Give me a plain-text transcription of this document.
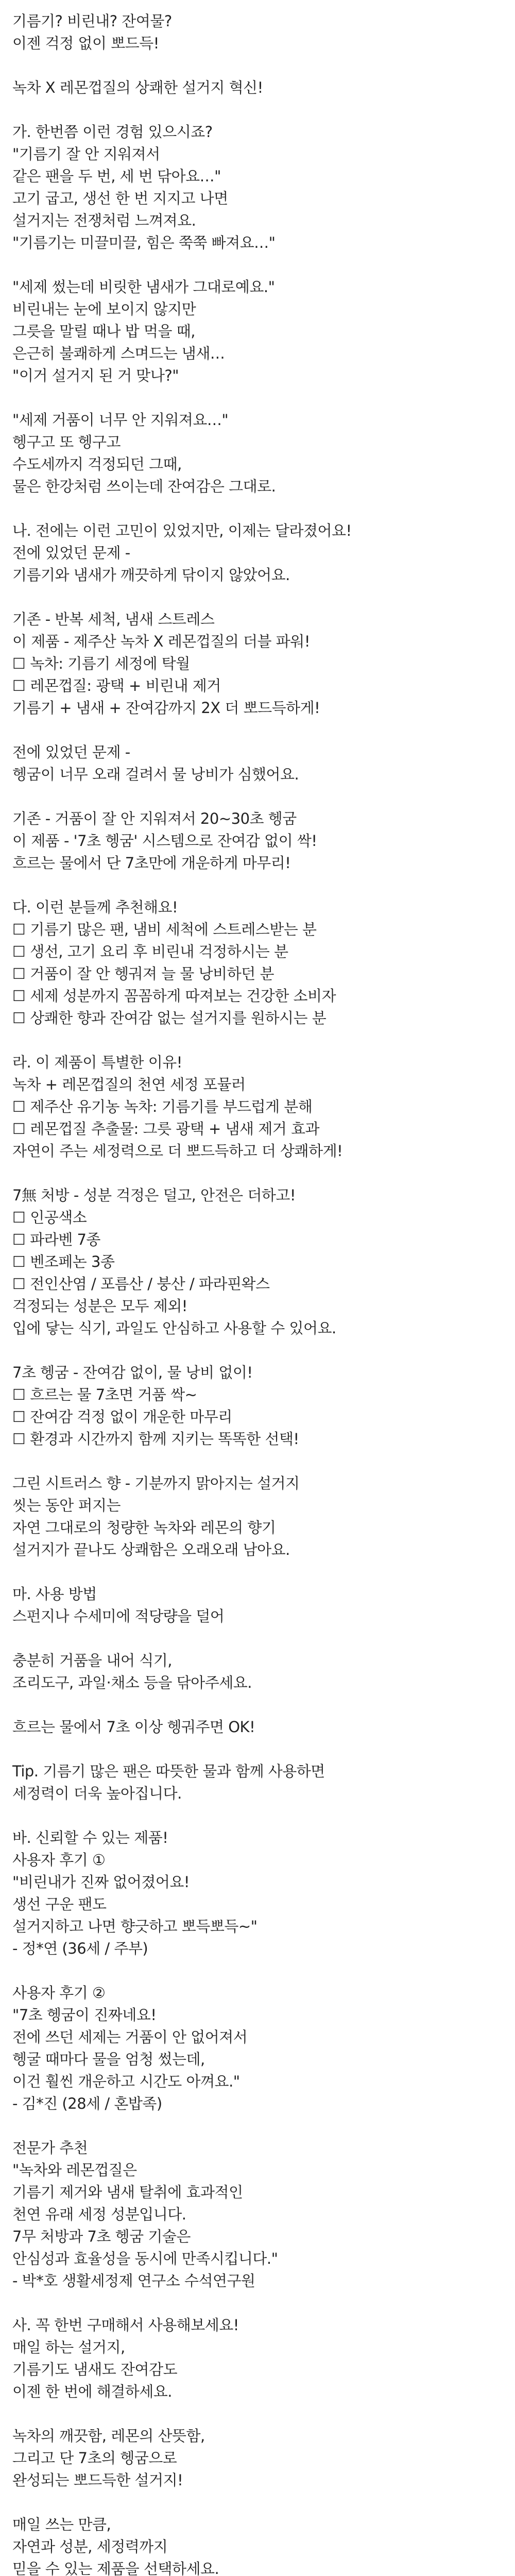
기름기? 비린내? 잔여물?
이젠 걱정 없이 뽀드득!
녹차 X 레몬껍질의 상쾌한 설거지 혁신!
가. 한번쯤 이런 경험 있으시죠?
"기름기 잘 안 지워져서
같은 팬을 두 번, 세 번 닦아요…"
고기 굽고, 생선 한 번 지지고 나면
설거지는 전쟁처럼 느껴져요.
"기름기는 미끌미끌, 힘은 쭉쭉 빠져요…"
"세제 썼는데 비릿한 냄새가 그대로예요."
비린내는 눈에 보이지 않지만
그릇을 말릴 때나 밥 먹을 때,
은근히 불쾌하게 스며드는 냄새…
"이거 설거지 된 거 맞나?"
"세제 거품이 너무 안 지워져요…"
헹구고 또 헹구고
수도세까지 걱정되던 그때,
물은 한강처럼 쓰이는데 잔여감은 그대로.
나. 전에는 이런 고민이 있었지만, 이제는 달라졌어요!
전에 있었던 문제 -
기름기와 냄새가 깨끗하게 닦이지 않았어요.
기존 - 반복 세척, 냄새 스트레스
이 제품 - 제주산 녹차 X 레몬껍질의 더블 파워!
☐ 녹차: 기름기 세정에 탁월
☐ 레몬껍질: 광택 + 비린내 제거
기름기 + 냄새 + 잔여감까지 2X 더 뽀드득하게!
전에 있었던 문제 -
헹굼이 너무 오래 걸려서 물 낭비가 심했어요.
기존 - 거품이 잘 안 지워져서 20~30초 헹굼
이 제품 - '7초 헹굼' 시스템으로 잔여감 없이 싹!
흐르는 물에서 단 7초만에 개운하게 마무리!
다. 이런 분들께 추천해요!
☐ 기름기 많은 팬, 냄비 세척에 스트레스받는 분
☐ 생선, 고기 요리 후 비린내 걱정하시는 분
☐ 거품이 잘 안 헹궈져 늘 물 낭비하던 분
☐ 세제 성분까지 꼼꼼하게 따져보는 건강한 소비자
☐ 상쾌한 향과 잔여감 없는 설거지를 원하시는 분
라. 이 제품이 특별한 이유!
녹차 + 레몬껍질의 천연 세정 포뮬러
☐ 제주산 유기농 녹차: 기름기를 부드럽게 분해
☐ 레몬껍질 추출물: 그릇 광택 + 냄새 제거 효과
자연이 주는 세정력으로 더 뽀드득하고 더 상쾌하게!
7無 처방 - 성분 걱정은 덜고, 안전은 더하고!
☐ 인공색소
☐ 파라벤 7종
☐ 벤조페논 3종
☐ 전인산염 / 포름산 / 붕산 / 파라핀왁스
걱정되는 성분은 모두 제외!
입에 닿는 식기, 과일도 안심하고 사용할 수 있어요.
7초 헹굼 - 잔여감 없이, 물 낭비 없이!
☐ 흐르는 물 7초면 거품 싹~
☐ 잔여감 걱정 없이 개운한 마무리
☐ 환경과 시간까지 함께 지키는 똑똑한 선택!
그린 시트러스 향 - 기분까지 맑아지는 설거지
씻는 동안 퍼지는
자연 그대로의 청량한 녹차와 레몬의 향기
설거지가 끝나도 상쾌함은 오래오래 남아요.
마. 사용 방법
스펀지나 수세미에 적당량을 덜어
충분히 거품을 내어 식기,
조리도구, 과일·채소 등을 닦아주세요.
흐르는 물에서 7초 이상 헹궈주면 OK!
Tip. 기름기 많은 팬은 따뜻한 물과 함께 사용하면
세정력이 더욱 높아집니다.
바. 신뢰할 수 있는 제품!
사용자 후기 ①
"비린내가 진짜 없어졌어요!
생선 구운 팬도
설거지하고 나면 향긋하고 뽀득뽀득~"
- 정*연 (36세 / 주부)
사용자 후기 ②
"7초 헹굼이 진짜네요!
전에 쓰던 세제는 거품이 안 없어져서
헹굴 때마다 물을 엄청 썼는데,
이건 훨씬 개운하고 시간도 아껴요."
- 김*진 (28세 / 혼밥족)
전문가 추천
"녹차와 레몬껍질은
기름기 제거와 냄새 탈취에 효과적인
천연 유래 세정 성분입니다.
7무 처방과 7초 헹굼 기술은
안심성과 효율성을 동시에 만족시킵니다."
- 박*호 생활세정제 연구소 수석연구원
사. 꼭 한번 구매해서 사용해보세요!
매일 하는 설거지,
기름기도 냄새도 잔여감도
이젠 한 번에 해결하세요.
녹차의 깨끗함, 레몬의 산뜻함,
그리고 단 7초의 헹굼으로
완성되는 뽀드득한 설거지!
매일 쓰는 만큼,
자연과 성분, 세정력까지
믿을 수 있는 제품을 선택하세요.
